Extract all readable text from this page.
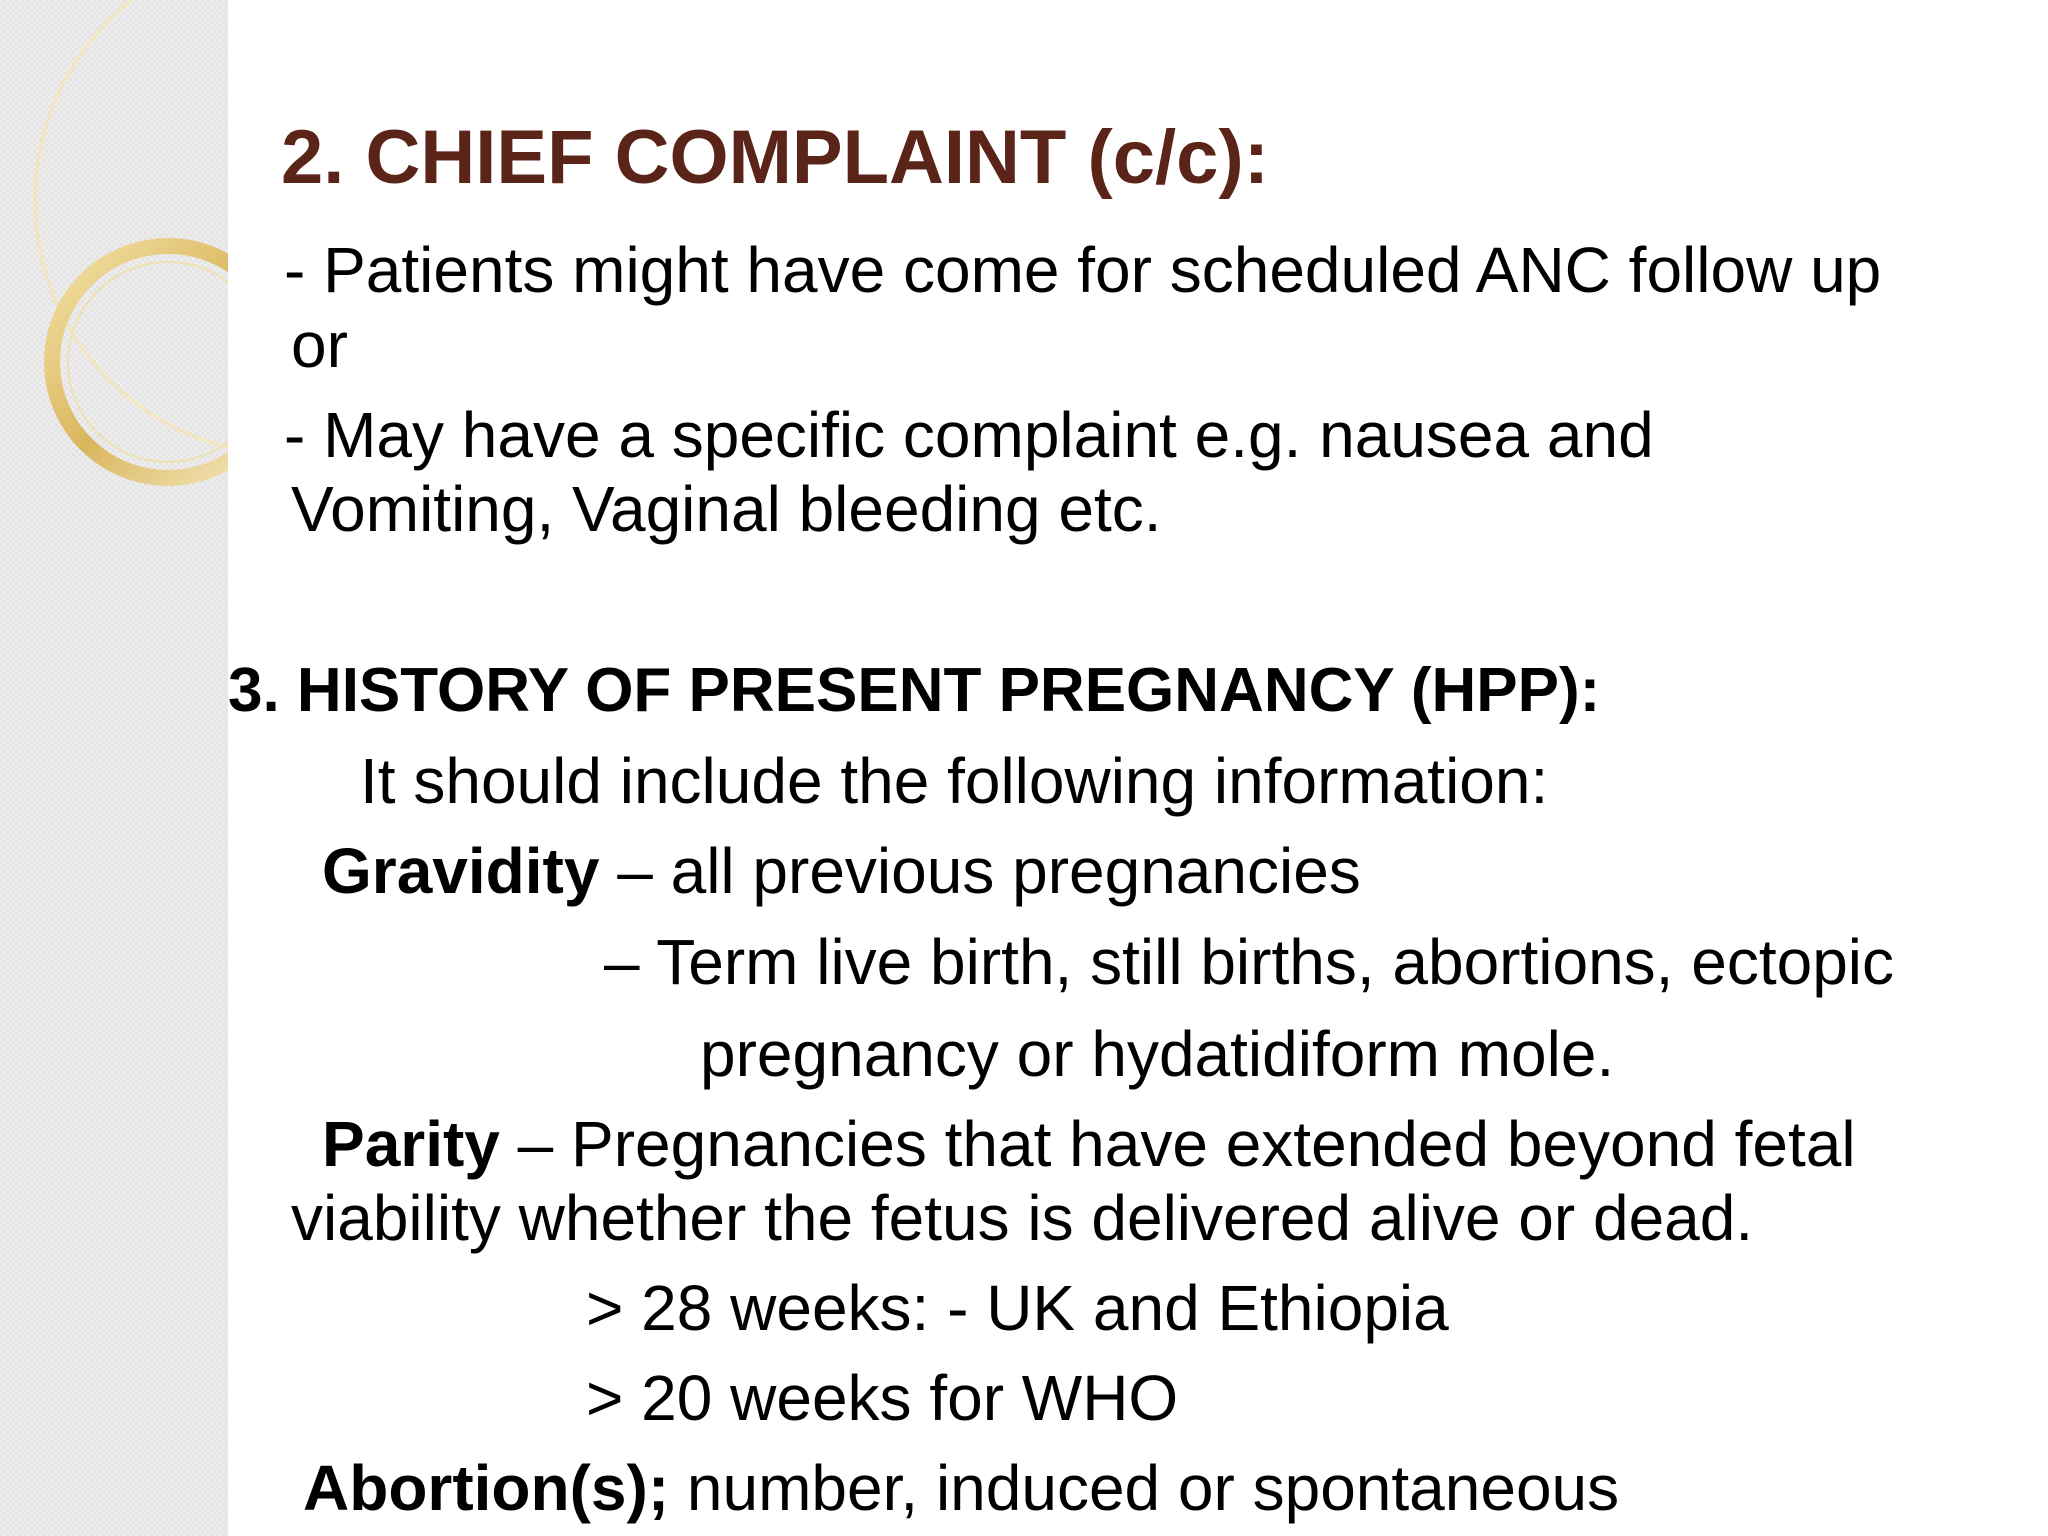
2. CHIEF COMPLAINT (c/c):
- Patients might have come for scheduled ANC follow up
or
- May have a specific complaint e.g. nausea and
Vomiting, Vaginal bleeding etc.
3. HISTORY OF PRESENT PREGNANCY (HPP):
It should include the following information:
Gravidity – all previous pregnancies
– Term live birth, still births, abortions, ectopic
pregnancy or hydatidiform mole.
Parity – Pregnancies that have extended beyond fetal
viability whether the fetus is delivered alive or dead.
> 28 weeks: - UK and Ethiopia
> 20 weeks for WHO
Abortion(s); number, induced or spontaneous
